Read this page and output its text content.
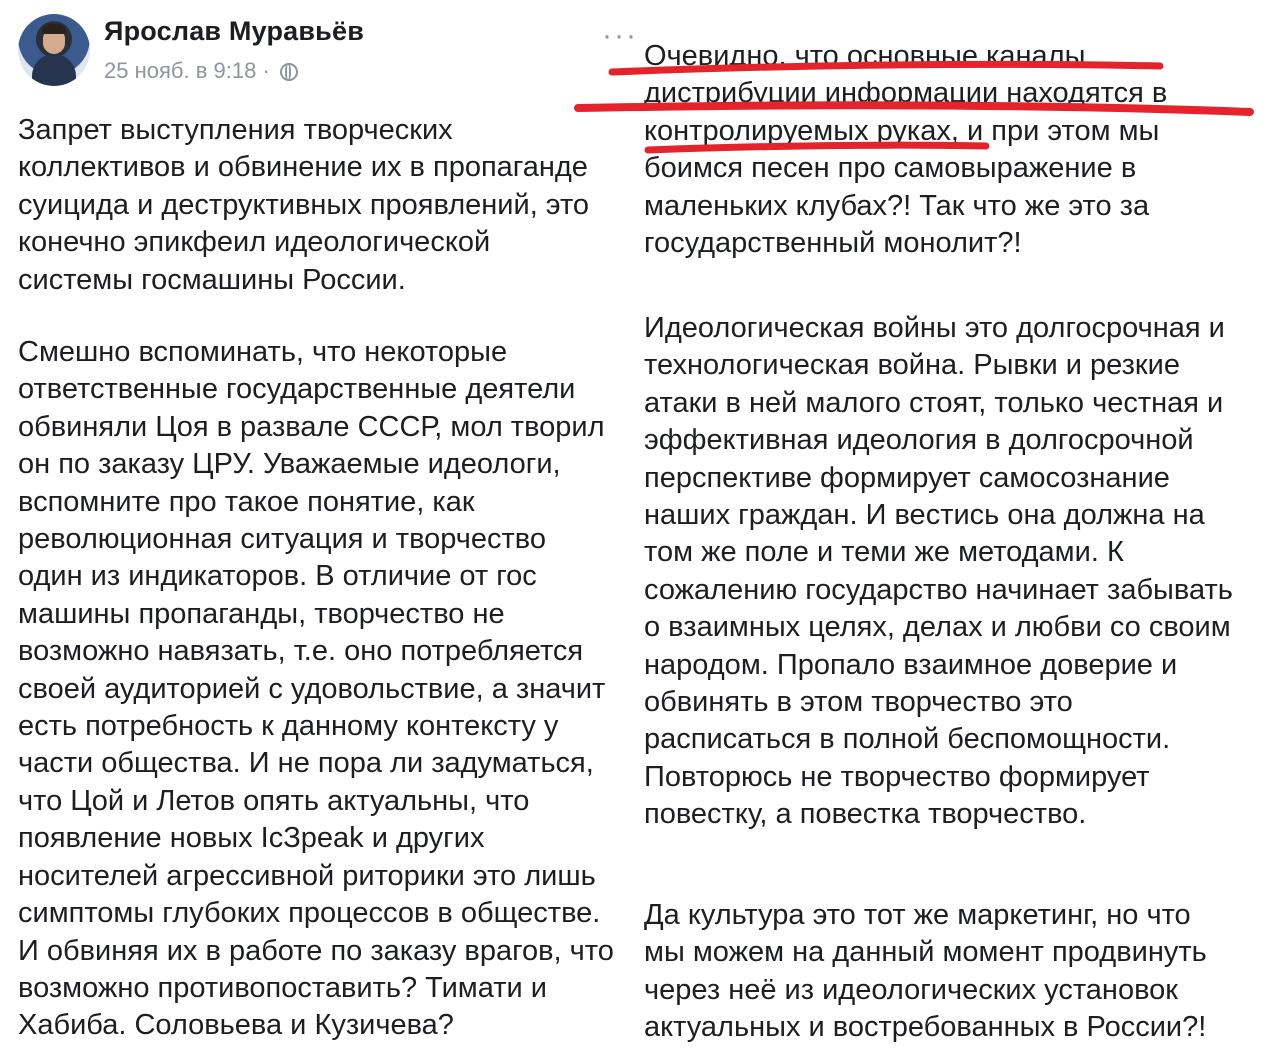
Ярослав Муравьёв
25 нояб. в 9:18 ·
···
Запрет выступления творческих
коллективов и обвинение их в пропаганде
суицида и деструктивных проявлений, это
конечно эпикфеил идеологической
системы госмашины России.
Смешно вспоминать, что некоторые
ответственные государственные деятели
обвиняли Цоя в развале СССР, мол творил
он по заказу ЦРУ. Уважаемые идеологи,
вспомните про такое понятие, как
революционная ситуация и творчество
один из индикаторов. В отличие от гос
машины пропаганды, творчество не
возможно навязать, т.е. оно потребляется
своей аудиторией с удовольствие, а значит
есть потребность к данному контексту у
части общества. И не пора ли задуматься,
что Цой и Летов опять актуальны, что
появление новых IcЗpeak и других
носителей агрессивной риторики это лишь
симптомы глубоких процессов в обществе.
И обвиняя их в работе по заказу врагов, что
возможно противопоставить? Тимати и
Хабиба. Соловьева и Кузичева?
Очевидно, что основные каналы
дистрибуции информации находятся в
контролируемых руках, и при этом мы
боимся песен про самовыражение в
маленьких клубах?! Так что же это за
государственный монолит?!
Идеологическая войны это долгосрочная и
технологическая война. Рывки и резкие
атаки в ней малого стоят, только честная и
эффективная идеология в долгосрочной
перспективе формирует самосознание
наших граждан. И вестись она должна на
том же поле и теми же методами. К
сожалению государство начинает забывать
о взаимных целях, делах и любви со своим
народом. Пропало взаимное доверие и
обвинять в этом творчество это
расписаться в полной беспомощности.
Повторюсь не творчество формирует
повестку, а повестка творчество.
Да культура это тот же маркетинг, но что
мы можем на данный момент продвинуть
через неё из идеологических установок
актуальных и востребованных в России?!
